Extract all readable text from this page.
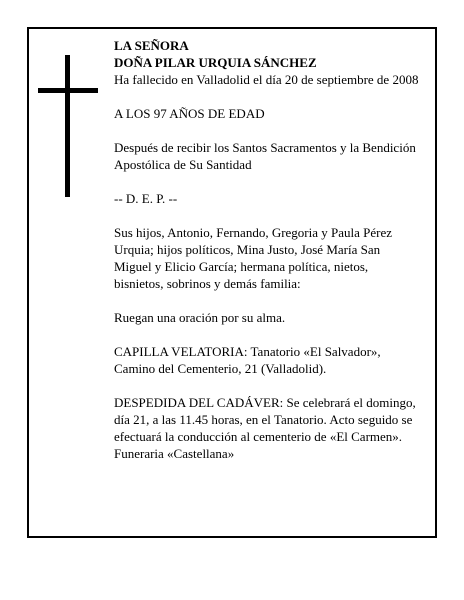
LA SEÑORA

DOÑA PILAR URQUIA SÁNCHEZ

Ha fallecido en Valladolid el día 20 de septiembre de 2008

A LOS 97 AÑOS DE EDAD

Después de recibir los Santos Sacramentos y la Bendición Apostólica de Su Santidad

-- D. E. P. --

Sus hijos, Antonio, Fernando, Gregoria y Paula Pérez Urquia; hijos políticos, Mina Justo, José María San Miguel y Elicio García; hermana política, nietos, bisnietos, sobrinos y demás familia:

Ruegan una oración por su alma.

CAPILLA VELATORIA: Tanatorio «El Salvador», Camino del Cementerio, 21 (Valladolid).

DESPEDIDA DEL CADÁVER: Se celebrará el domingo, día 21, a las 11.45 horas, en el Tanatorio. Acto seguido se efectuará la conducción al cementerio de «El Carmen».

Funeraria «Castellana»
